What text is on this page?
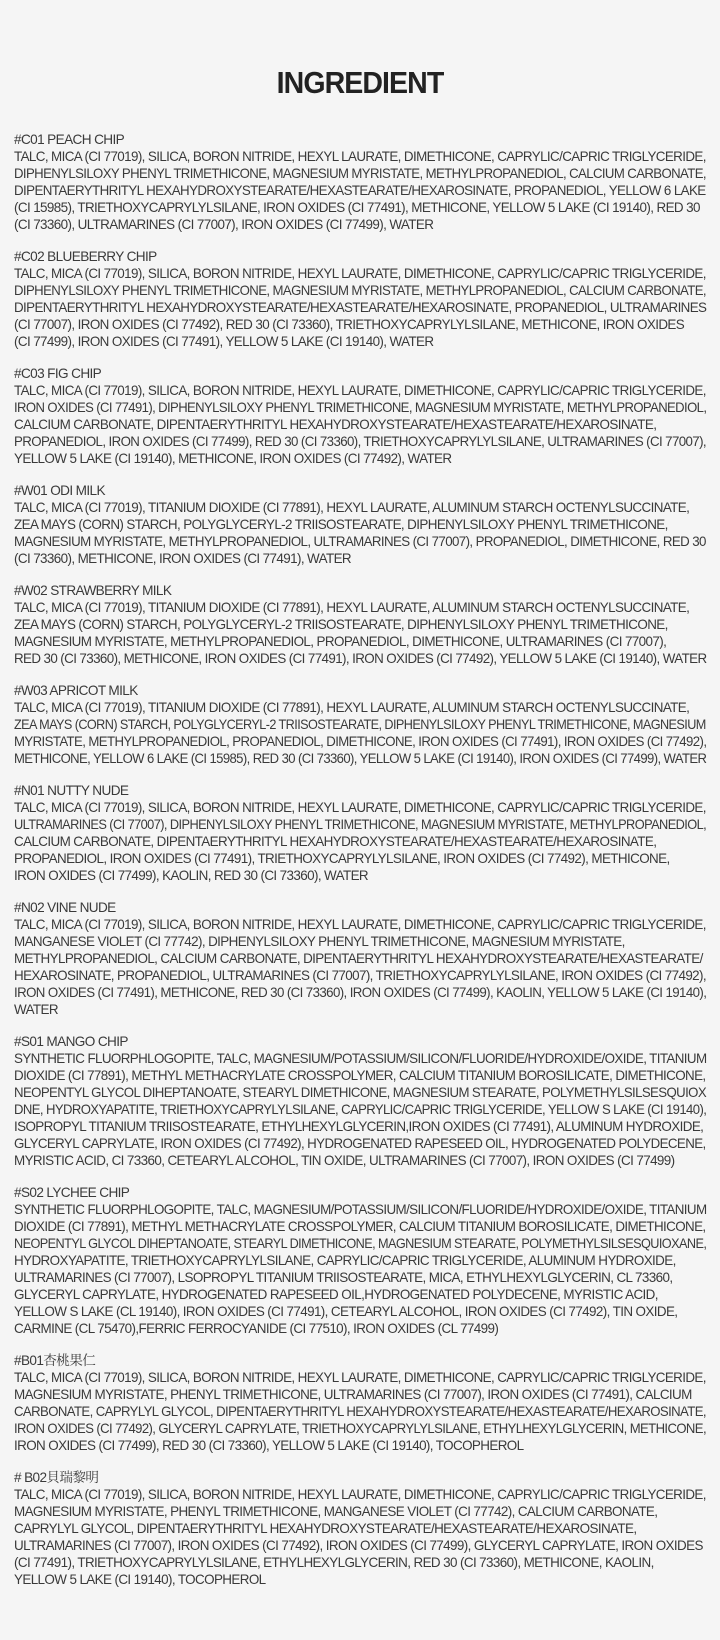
INGREDIENT
#C01 PEACH CHIP

TALC, MICA (CI 77019), SILICA, BORON NITRIDE, HEXYL LAURATE, DIMETHICONE, CAPRYLIC/CAPRIC TRIGLYCERIDE,

DIPHENYLSILOXY PHENYL TRIMETHICONE, MAGNESIUM MYRISTATE, METHYLPROPANEDIOL, CALCIUM CARBONATE,

DIPENTAERYTHRITYL HEXAHYDROXYSTEARATE/HEXASTEARATE/HEXAROSINATE, PROPANEDIOL, YELLOW 6 LAKE

(CI 15985), TRIETHOXYCAPRYLYLSILANE, IRON OXIDES (CI 77491), METHICONE, YELLOW 5 LAKE (CI 19140), RED 30

(CI 73360), ULTRAMARINES (CI 77007), IRON OXIDES (CI 77499), WATER

#C02 BLUEBERRY CHIP

TALC, MICA (CI 77019), SILICA, BORON NITRIDE, HEXYL LAURATE, DIMETHICONE, CAPRYLIC/CAPRIC TRIGLYCERIDE,

DIPHENYLSILOXY PHENYL TRIMETHICONE, MAGNESIUM MYRISTATE, METHYLPROPANEDIOL, CALCIUM CARBONATE,

DIPENTAERYTHRITYL HEXAHYDROXYSTEARATE/HEXASTEARATE/HEXAROSINATE, PROPANEDIOL, ULTRAMARINES

(CI 77007), IRON OXIDES (CI 77492), RED 30 (CI 73360), TRIETHOXYCAPRYLYLSILANE, METHICONE, IRON OXIDES

(CI 77499), IRON OXIDES (CI 77491), YELLOW 5 LAKE (CI 19140), WATER

#C03 FIG CHIP

TALC, MICA (CI 77019), SILICA, BORON NITRIDE, HEXYL LAURATE, DIMETHICONE, CAPRYLIC/CAPRIC TRIGLYCERIDE,

IRON OXIDES (CI 77491), DIPHENYLSILOXY PHENYL TRIMETHICONE, MAGNESIUM MYRISTATE, METHYLPROPANEDIOL,

CALCIUM CARBONATE, DIPENTAERYTHRITYL HEXAHYDROXYSTEARATE/HEXASTEARATE/HEXAROSINATE,

PROPANEDIOL, IRON OXIDES (CI 77499), RED 30 (CI 73360), TRIETHOXYCAPRYLYLSILANE, ULTRAMARINES (CI 77007),

YELLOW 5 LAKE (CI 19140), METHICONE, IRON OXIDES (CI 77492), WATER

#W01 ODI MILK

TALC, MICA (CI 77019), TITANIUM DIOXIDE (CI 77891), HEXYL LAURATE, ALUMINUM STARCH OCTENYLSUCCINATE,

ZEA MAYS (CORN) STARCH, POLYGLYCERYL-2 TRIISOSTEARATE, DIPHENYLSILOXY PHENYL TRIMETHICONE,

MAGNESIUM MYRISTATE, METHYLPROPANEDIOL, ULTRAMARINES (CI 77007), PROPANEDIOL, DIMETHICONE, RED 30

(CI 73360), METHICONE, IRON OXIDES (CI 77491), WATER

#W02 STRAWBERRY MILK

TALC, MICA (CI 77019), TITANIUM DIOXIDE (CI 77891), HEXYL LAURATE, ALUMINUM STARCH OCTENYLSUCCINATE,

ZEA MAYS (CORN) STARCH, POLYGLYCERYL-2 TRIISOSTEARATE, DIPHENYLSILOXY PHENYL TRIMETHICONE,

MAGNESIUM MYRISTATE, METHYLPROPANEDIOL, PROPANEDIOL, DIMETHICONE, ULTRAMARINES (CI 77007),

RED 30 (CI 73360), METHICONE, IRON OXIDES (CI 77491), IRON OXIDES (CI 77492), YELLOW 5 LAKE (CI 19140), WATER

#W03 APRICOT MILK

TALC, MICA (CI 77019), TITANIUM DIOXIDE (CI 77891), HEXYL LAURATE, ALUMINUM STARCH OCTENYLSUCCINATE,

ZEA MAYS (CORN) STARCH, POLYGLYCERYL-2 TRIISOSTEARATE, DIPHENYLSILOXY PHENYL TRIMETHICONE, MAGNESIUM

MYRISTATE, METHYLPROPANEDIOL, PROPANEDIOL, DIMETHICONE, IRON OXIDES (CI 77491), IRON OXIDES (CI 77492),

METHICONE, YELLOW 6 LAKE (CI 15985), RED 30 (CI 73360), YELLOW 5 LAKE (CI 19140), IRON OXIDES (CI 77499), WATER

#N01 NUTTY NUDE

TALC, MICA (CI 77019), SILICA, BORON NITRIDE, HEXYL LAURATE, DIMETHICONE, CAPRYLIC/CAPRIC TRIGLYCERIDE,

ULTRAMARINES (CI 77007), DIPHENYLSILOXY PHENYL TRIMETHICONE, MAGNESIUM MYRISTATE, METHYLPROPANEDIOL,

CALCIUM CARBONATE, DIPENTAERYTHRITYL HEXAHYDROXYSTEARATE/HEXASTEARATE/HEXAROSINATE,

PROPANEDIOL, IRON OXIDES (CI 77491), TRIETHOXYCAPRYLYLSILANE, IRON OXIDES (CI 77492), METHICONE,

IRON OXIDES (CI 77499), KAOLIN, RED 30 (CI 73360), WATER

#N02 VINE NUDE

TALC, MICA (CI 77019), SILICA, BORON NITRIDE, HEXYL LAURATE, DIMETHICONE, CAPRYLIC/CAPRIC TRIGLYCERIDE,

MANGANESE VIOLET (CI 77742), DIPHENYLSILOXY PHENYL TRIMETHICONE, MAGNESIUM MYRISTATE,

METHYLPROPANEDIOL, CALCIUM CARBONATE, DIPENTAERYTHRITYL HEXAHYDROXYSTEARATE/HEXASTEARATE/

HEXAROSINATE, PROPANEDIOL, ULTRAMARINES (CI 77007), TRIETHOXYCAPRYLYLSILANE, IRON OXIDES (CI 77492),

IRON OXIDES (CI 77491), METHICONE, RED 30 (CI 73360), IRON OXIDES (CI 77499), KAOLIN, YELLOW 5 LAKE (CI 19140),

WATER

#S01 MANGO CHIP

SYNTHETIC FLUORPHLOGOPITE, TALC, MAGNESIUM/POTASSIUM/SILICON/FLUORIDE/HYDROXIDE/OXIDE, TITANIUM

DIOXIDE (CI 77891), METHYL METHACRYLATE CROSSPOLYMER, CALCIUM TITANIUM BOROSILICATE, DIMETHICONE,

NEOPENTYL GLYCOL DIHEPTANOATE, STEARYL DIMETHICONE, MAGNESIUM STEARATE, POLYMETHYLSILSESQUIOX

DNE, HYDROXYAPATITE, TRIETHOXYCAPRYLYLSILANE, CAPRYLIC/CAPRIC TRIGLYCERIDE, YELLOW S LAKE (CI 19140),

ISOPROPYL TITANIUM TRIISOSTEARATE, ETHYLHEXYLGLYCERIN,IRON OXIDES (CI 77491), ALUMINUM HYDROXIDE,

GLYCERYL CAPRYLATE, IRON OXIDES (CI 77492), HYDROGENATED RAPESEED OIL, HYDROGENATED POLYDECENE,

MYRISTIC ACID, CI 73360, CETEARYL ALCOHOL, TIN OXIDE, ULTRAMARINES (CI 77007), IRON OXIDES (CI 77499)

#S02 LYCHEE CHIP

SYNTHETIC FLUORPHLOGOPITE, TALC, MAGNESIUM/POTASSIUM/SILICON/FLUORIDE/HYDROXIDE/OXIDE, TITANIUM

DIOXIDE (CI 77891), METHYL METHACRYLATE CROSSPOLYMER, CALCIUM TITANIUM BOROSILICATE, DIMETHICONE,

NEOPENTYL GLYCOL DIHEPTANOATE, STEARYL DIMETHICONE, MAGNESIUM STEARATE, POLYMETHYLSILSESQUIOXANE,

HYDROXYAPATITE, TRIETHOXYCAPRYLYLSILANE, CAPRYLIC/CAPRIC TRIGLYCERIDE, ALUMINUM HYDROXIDE,

ULTRAMARINES (CI 77007), LSOPROPYL TITANIUM TRIISOSTEARATE, MICA, ETHYLHEXYLGLYCERIN, CL 73360,

GLYCERYL CAPRYLATE, HYDROGENATED RAPESEED OIL,HYDROGENATED POLYDECENE, MYRISTIC ACID,

YELLOW S LAKE (CL 19140), IRON OXIDES (CI 77491), CETEARYL ALCOHOL, IRON OXIDES (CI 77492), TIN OXIDE,

CARMINE (CL 75470),FERRIC FERROCYANIDE (CI 77510), IRON OXIDES (CL 77499)

#B01杏桃果仁

TALC, MICA (CI 77019), SILICA, BORON NITRIDE, HEXYL LAURATE, DIMETHICONE, CAPRYLIC/CAPRIC TRIGLYCERIDE,

MAGNESIUM MYRISTATE, PHENYL TRIMETHICONE, ULTRAMARINES (CI 77007), IRON OXIDES (CI 77491), CALCIUM

CARBONATE, CAPRYLYL GLYCOL, DIPENTAERYTHRITYL HEXAHYDROXYSTEARATE/HEXASTEARATE/HEXAROSINATE,

IRON OXIDES (CI 77492), GLYCERYL CAPRYLATE, TRIETHOXYCAPRYLYLSILANE, ETHYLHEXYLGLYCERIN, METHICONE,

IRON OXIDES (CI 77499), RED 30 (CI 73360), YELLOW 5 LAKE (CI 19140), TOCOPHEROL

# B02貝瑞黎明

TALC, MICA (CI 77019), SILICA, BORON NITRIDE, HEXYL LAURATE, DIMETHICONE, CAPRYLIC/CAPRIC TRIGLYCERIDE,

MAGNESIUM MYRISTATE, PHENYL TRIMETHICONE, MANGANESE VIOLET (CI 77742), CALCIUM CARBONATE,

CAPRYLYL GLYCOL, DIPENTAERYTHRITYL HEXAHYDROXYSTEARATE/HEXASTEARATE/HEXAROSINATE,

ULTRAMARINES (CI 77007), IRON OXIDES (CI 77492), IRON OXIDES (CI 77499), GLYCERYL CAPRYLATE, IRON OXIDES

(CI 77491), TRIETHOXYCAPRYLYLSILANE, ETHYLHEXYLGLYCERIN, RED 30 (CI 73360), METHICONE, KAOLIN,

YELLOW 5 LAKE (CI 19140), TOCOPHEROL
